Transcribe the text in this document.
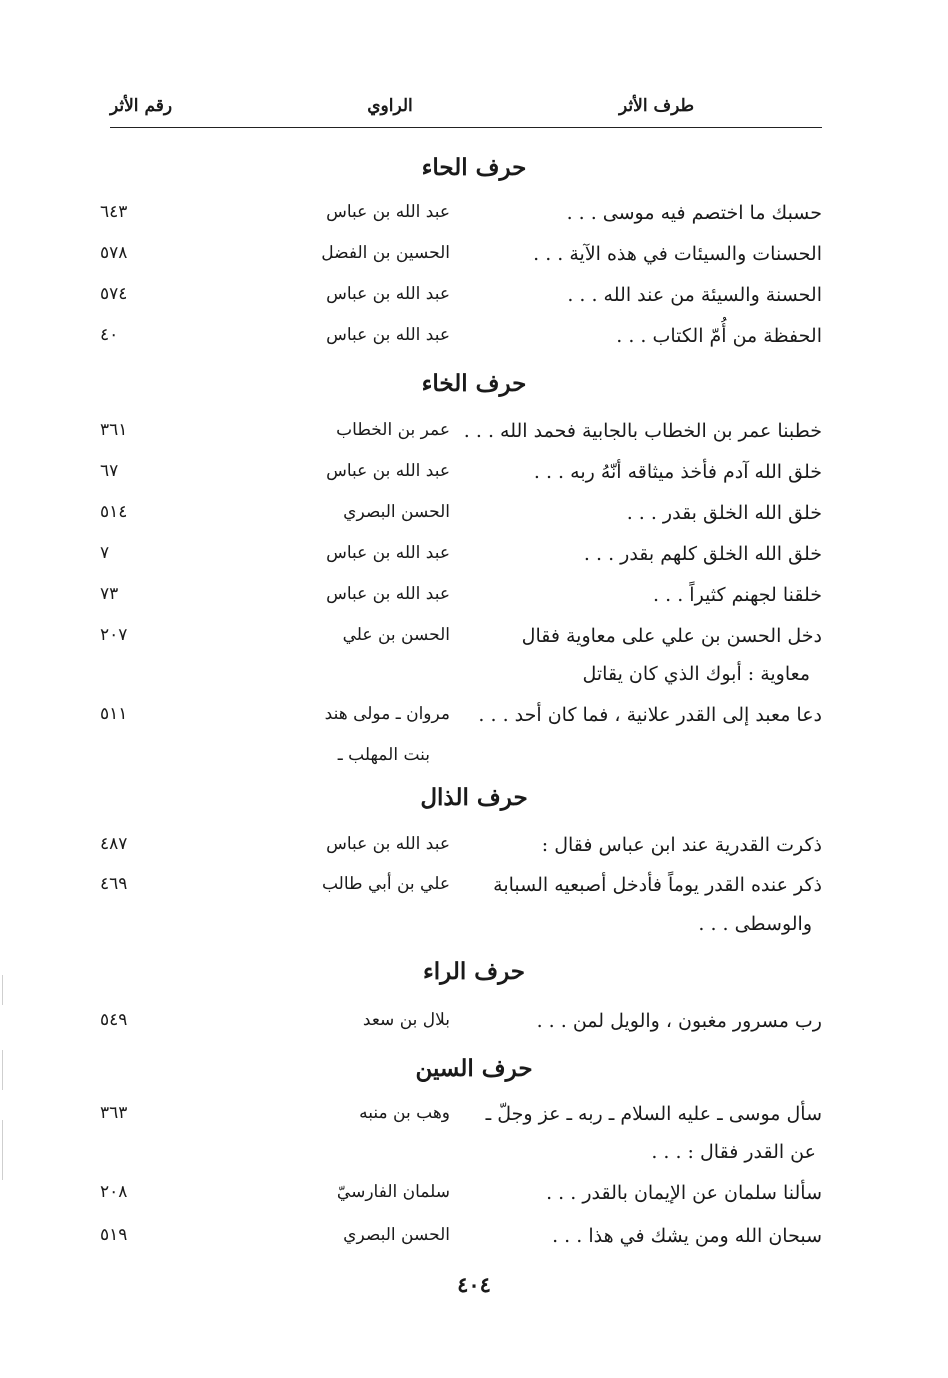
طرف الأثر
الراوي
رقم الأثر
حرف الحاء
حسبك ما اختصم فيه موسى . . .
عبد الله بن عباس
٦٤٣
الحسنات والسيئات في هذه الآية . . .
الحسين بن الفضل
٥٧٨
الحسنة والسيئة من عند الله . . .
عبد الله بن عباس
٥٧٤
الحفظة من أُمّ الكتاب . . .
عبد الله بن عباس
٤٠
حرف الخاء
خطبنا عمر بن الخطاب بالجابية فحمد الله . . .
عمر بن الخطاب
٣٦١
خلق الله آدم فأخذ ميثاقه أنّهُ ربه . . .
عبد الله بن عباس
٦٧
خلق الله الخلق بقدر . . .
الحسن البصري
٥١٤
خلق الله الخلق كلهم بقدر . . .
عبد الله بن عباس
٧
خلقنا لجهنم كثيراً . . .
عبد الله بن عباس
٧٣
دخل الحسن بن علي على معاوية فقال
الحسن بن علي
٢٠٧
معاوية : أبوك الذي كان يقاتل
دعا معبد إلى القدر علانية ، فما كان أحد . . .
مروان ـ مولى هند
٥١١
بنت المهلب ـ
حرف الذال
ذكرت القدرية عند ابن عباس فقال :
عبد الله بن عباس
٤٨٧
ذكر عنده القدر يوماً فأدخل أصبعيه السبابة
علي بن أبي طالب
٤٦٩
والوسطى . . .
حرف الراء
رب مسرور مغبون ، والويل لمن . . .
بلال بن سعد
٥٤٩
حرف السين
سأل موسى ـ عليه السلام ـ ربه ـ عز وجلّ ـ
وهب بن منبه
٣٦٣
عن القدر فقال : . . .
سألنا سلمان عن الإيمان بالقدر . . .
سلمان الفارسيّ
٢٠٨
سبحان الله ومن يشك في هذا . . .
الحسن البصري
٥١٩
٤٠٤
